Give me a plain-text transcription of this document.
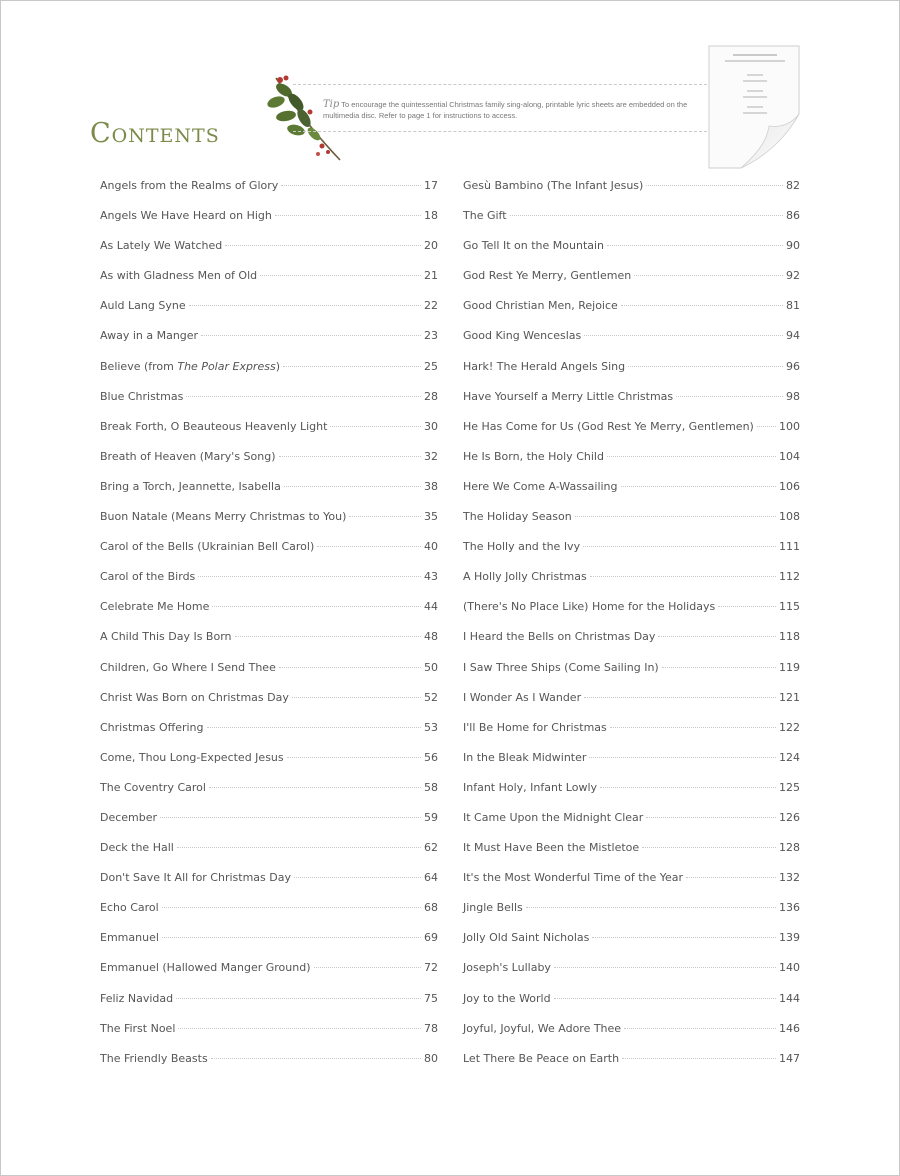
Contents
Tip To encourage the quintessential Christmas family sing-along, printable lyric sheets are embedded on the multimedia disc. Refer to page 1 for instructions to access.
Angels from the Realms of Glory	17
Angels We Have Heard on High	18
As Lately We Watched	20
As with Gladness Men of Old	21
Auld Lang Syne	22
Away in a Manger	23
Believe (from The Polar Express)	25
Blue Christmas	28
Break Forth, O Beauteous Heavenly Light	30
Breath of Heaven (Mary's Song)	32
Bring a Torch, Jeannette, Isabella	38
Buon Natale (Means Merry Christmas to You)	35
Carol of the Bells (Ukrainian Bell Carol)	40
Carol of the Birds	43
Celebrate Me Home	44
A Child This Day Is Born	48
Children, Go Where I Send Thee	50
Christ Was Born on Christmas Day	52
Christmas Offering	53
Come, Thou Long-Expected Jesus	56
The Coventry Carol	58
December	59
Deck the Hall	62
Don't Save It All for Christmas Day	64
Echo Carol	68
Emmanuel	69
Emmanuel (Hallowed Manger Ground)	72
Feliz Navidad	75
The First Noel	78
The Friendly Beasts	80
Gesù Bambino (The Infant Jesus)	82
The Gift	86
Go Tell It on the Mountain	90
God Rest Ye Merry, Gentlemen	92
Good Christian Men, Rejoice	81
Good King Wenceslas	94
Hark! The Herald Angels Sing	96
Have Yourself a Merry Little Christmas	98
He Has Come for Us (God Rest Ye Merry, Gentlemen) 100
He Is Born, the Holy Child	104
Here We Come A-Wassailing	106
The Holiday Season	108
The Holly and the Ivy	111
A Holly Jolly Christmas	112
(There's No Place Like) Home for the Holidays	115
I Heard the Bells on Christmas Day	118
I Saw Three Ships (Come Sailing In)	119
I Wonder As I Wander	121
I'll Be Home for Christmas	122
In the Bleak Midwinter	124
Infant Holy, Infant Lowly	125
It Came Upon the Midnight Clear	126
It Must Have Been the Mistletoe	128
It's the Most Wonderful Time of the Year	132
Jingle Bells	136
Jolly Old Saint Nicholas	139
Joseph's Lullaby	140
Joy to the World	144
Joyful, Joyful, We Adore Thee	146
Let There Be Peace on Earth	147
